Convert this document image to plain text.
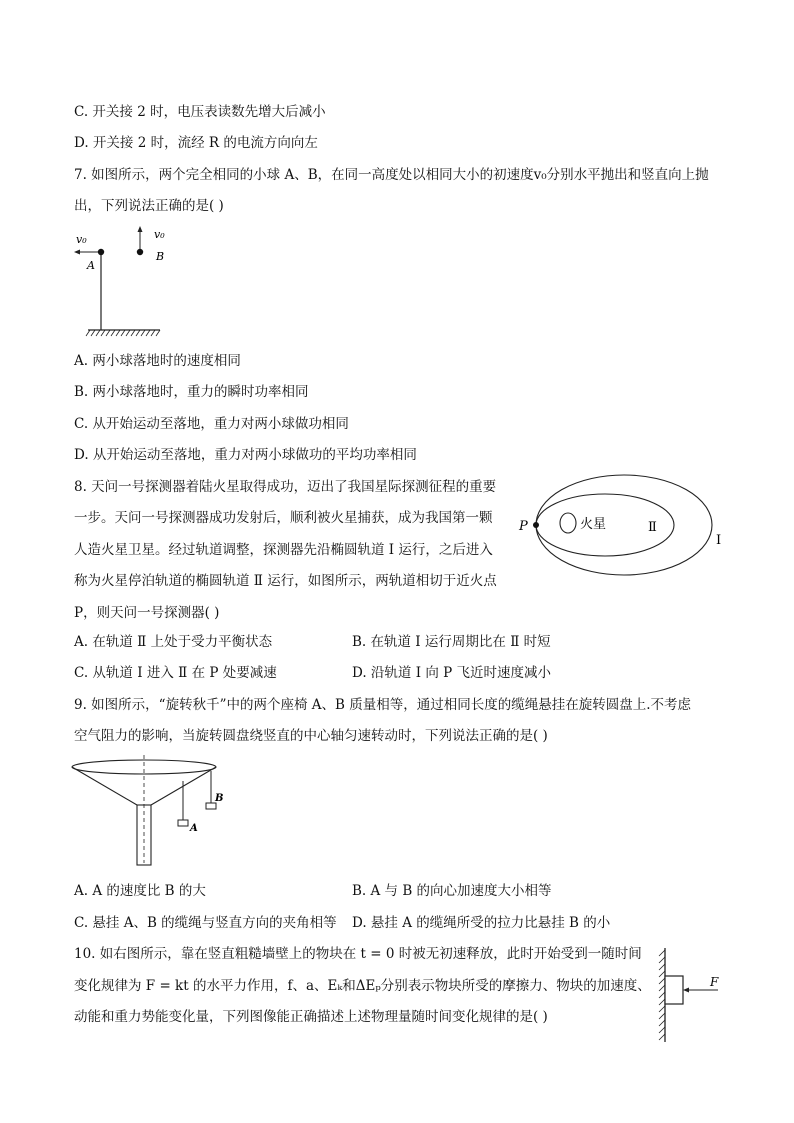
C. 开关接 2 时，电压表读数先增大后减小
D. 开关接 2 时，流经 R 的电流方向向左
7. 如图所示，两个完全相同的小球 A、B，在同一高度处以相同大小的初速度v₀分别水平抛出和竖直向上抛
出，下列说法正确的是( )
v₀
A
v₀
B
A. 两小球落地时的速度相同
B. 两小球落地时，重力的瞬时功率相同
C. 从开始运动至落地，重力对两小球做功相同
D. 从开始运动至落地，重力对两小球做功的平均功率相同
8. 天问一号探测器着陆火星取得成功，迈出了我国星际探测征程的重要
一步。天问一号探测器成功发射后，顺利被火星捕获，成为我国第一颗
人造火星卫星。经过轨道调整，探测器先沿椭圆轨道 Ⅰ 运行，之后进入
称为火星停泊轨道的椭圆轨道 Ⅱ 运行，如图所示，两轨道相切于近火点
P，则天问一号探测器( )
P	火星	Ⅱ
Ⅰ
A. 在轨道 Ⅱ 上处于受力平衡状态	B. 在轨道 Ⅰ 运行周期比在 Ⅱ 时短
C. 从轨道 Ⅰ 进入 Ⅱ 在 P 处要减速	D. 沿轨道 Ⅰ 向 P 飞近时速度减小
9. 如图所示，“旋转秋千”中的两个座椅 A、B 质量相等，通过相同长度的缆绳悬挂在旋转圆盘上.不考虑
空气阻力的影响，当旋转圆盘绕竖直的中心轴匀速转动时，下列说法正确的是( )
A
B
A. A 的速度比 B 的大	B. A 与 B 的向心加速度大小相等
C. 悬挂 A、B 的缆绳与竖直方向的夹角相等 D. 悬挂 A 的缆绳所受的拉力比悬挂 B 的小
10. 如右图所示，靠在竖直粗糙墙壁上的物块在 t = 0 时被无初速释放，此时开始受到一随时间
变化规律为 F = kt 的水平力作用，f、a、Eₖ和ΔEₚ分别表示物块所受的摩擦力、物块的加速度、
动能和重力势能变化量，下列图像能正确描述上述物理量随时间变化规律的是( )
F
